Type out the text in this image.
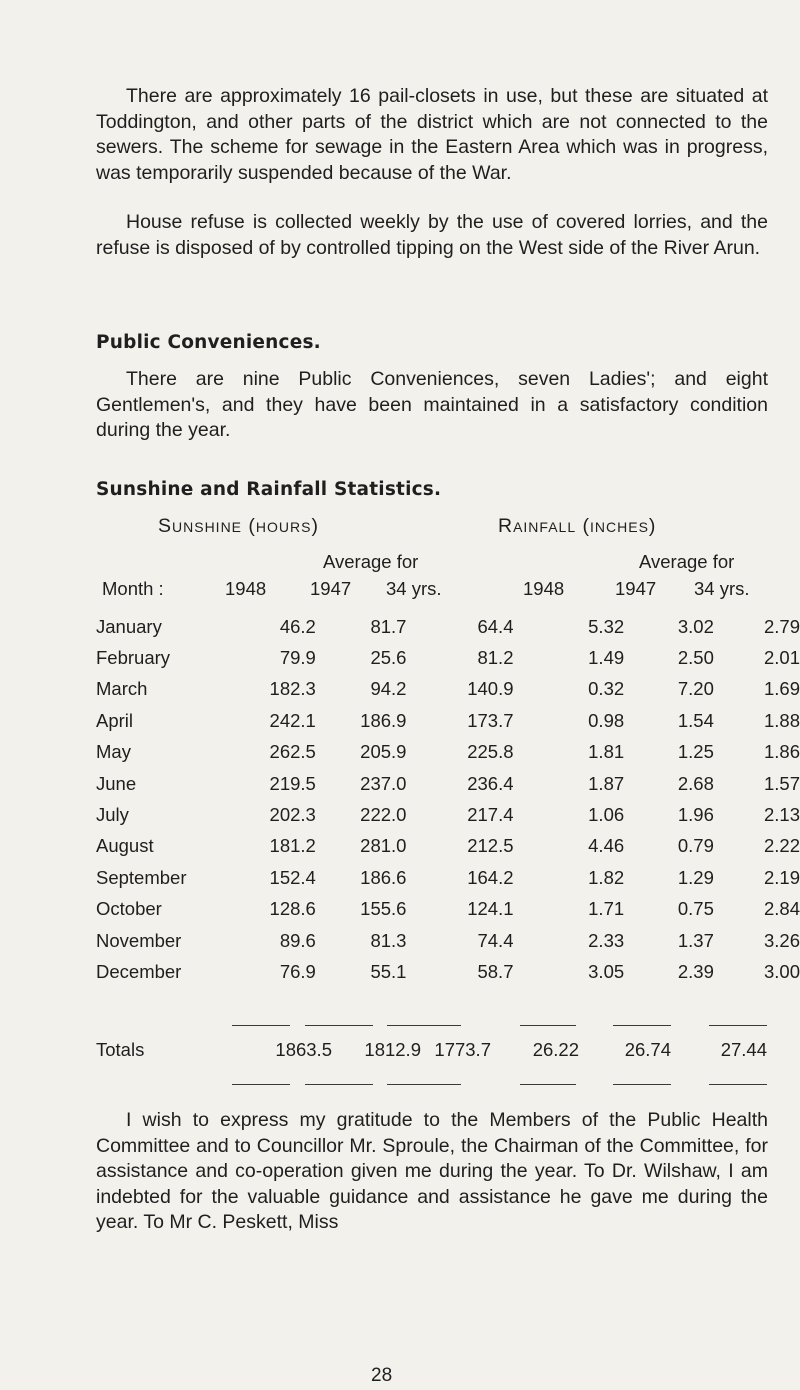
There are approximately 16 pail-closets in use, but these are situated at Toddington, and other parts of the district which are not connected to the sewers. The scheme for sewage in the Eastern Area which was in progress, was temporarily suspended because of the War.

House refuse is collected weekly by the use of covered lorries, and the refuse is disposed of by controlled tipping on the West side of the River Arun.

Public Conveniences.

There are nine Public Conveniences, seven Ladies'; and eight Gentlemen's, and they have been maintained in a satisfactory condition during the year.

Sunshine and Rainfall Statistics.
Sunshine (hours)	Rainfall (inches)
Average for	Average for
Month :	1948 1947 34 yrs.	1948	1947 34 yrs.
January	46.2	81.7	64.4	5.32	3.02	2.79
February	79.9	25.6	81.2	1.49	2.50	2.01
March	182.3	94.2	140.9	0.32	7.20	1.69
April	242.1	186.9	173.7	0.98	1.54	1.88
May	262.5	205.9	225.8	1.81	1.25	1.86
June	219.5	237.0	236.4	1.87	2.68	1.57
July	202.3	222.0	217.4	1.06	1.96	2.13
August	181.2	281.0	212.5	4.46	0.79	2.22
September	152.4	186.6	164.2	1.82	1.29	2.19
October	128.6	155.6	124.1	1.71	0.75	2.84
November	89.6	81.3	74.4	2.33	1.37	3.26
December	76.9	55.1	58.7	3.05	2.39	3.00
Totals	1863.5	1812.9 1773.7	26.22	26.74	27.44

I wish to express my gratitude to the Members of the Public Health Committee and to Councillor Mr. Sproule, the Chairman of the Committee, for assistance and co-operation given me during the year. To Dr. Wilshaw, I am indebted for the valuable guidance and assistance he gave me during the year. To Mr C. Peskett, Miss

28
